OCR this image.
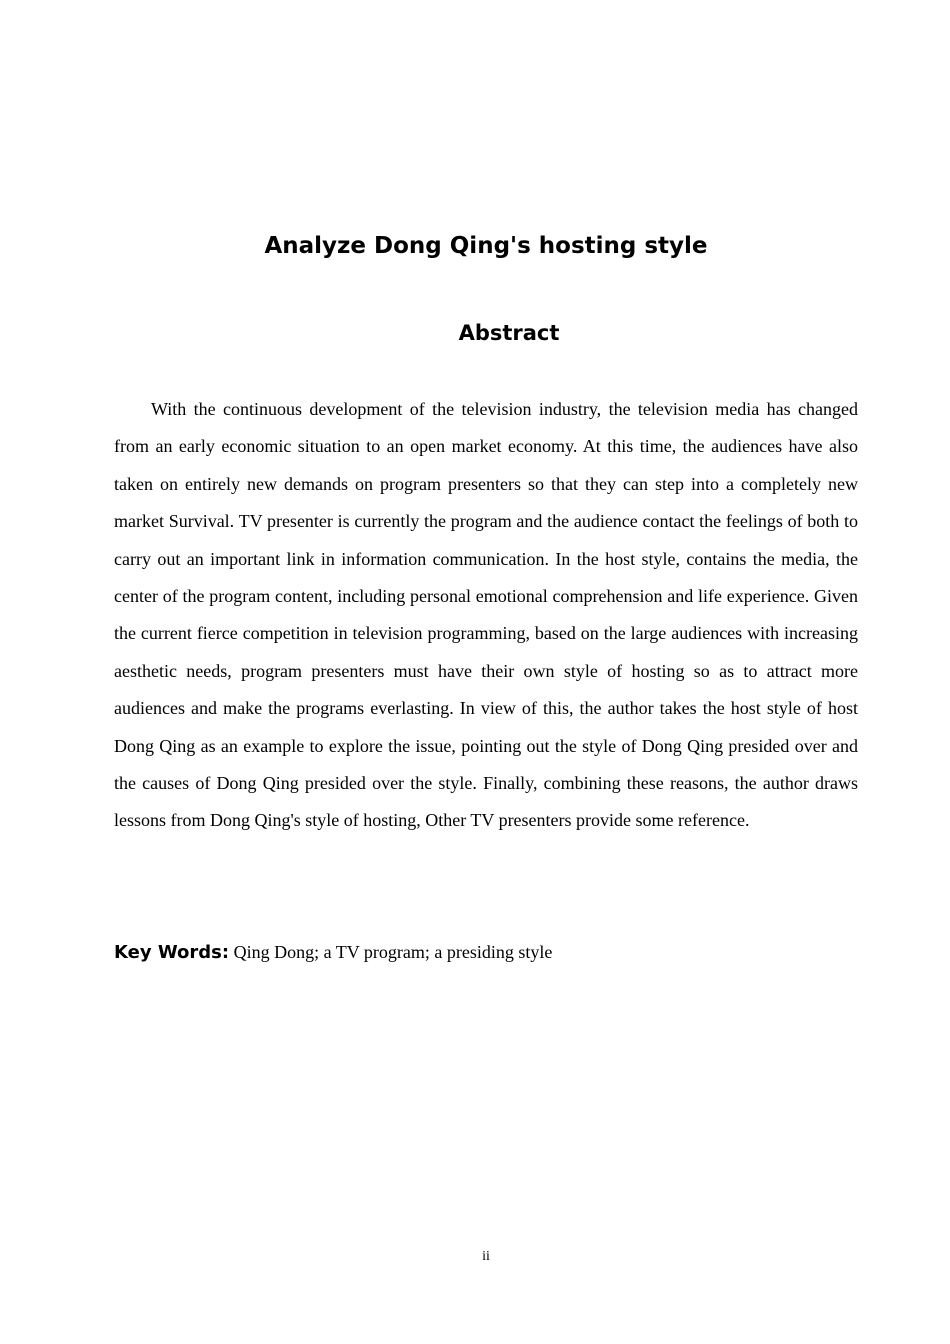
Analyze Dong Qing's hosting style
Abstract

With the continuous development of the television industry, the television media has changed from an early economic situation to an open market economy. At this time, the audiences have also taken on entirely new demands on program presenters so that they can step into a completely new market Survival. TV presenter is currently the program and the audience contact the feelings of both to carry out an important link in information communication. In the host style, contains the media, the center of the program content, including personal emotional comprehension and life experience. Given the current fierce competition in television programming, based on the large audiences with increasing aesthetic needs, program presenters must have their own style of hosting so as to attract more audiences and make the programs everlasting. In view of this, the author takes the host style of host Dong Qing as an example to explore the issue, pointing out the style of Dong Qing presided over and the causes of Dong Qing presided over the style. Finally, combining these reasons, the author draws lessons from Dong Qing's style of hosting, Other TV presenters provide some reference.

Key Words: Qing Dong; a TV program; a presiding style

ii
